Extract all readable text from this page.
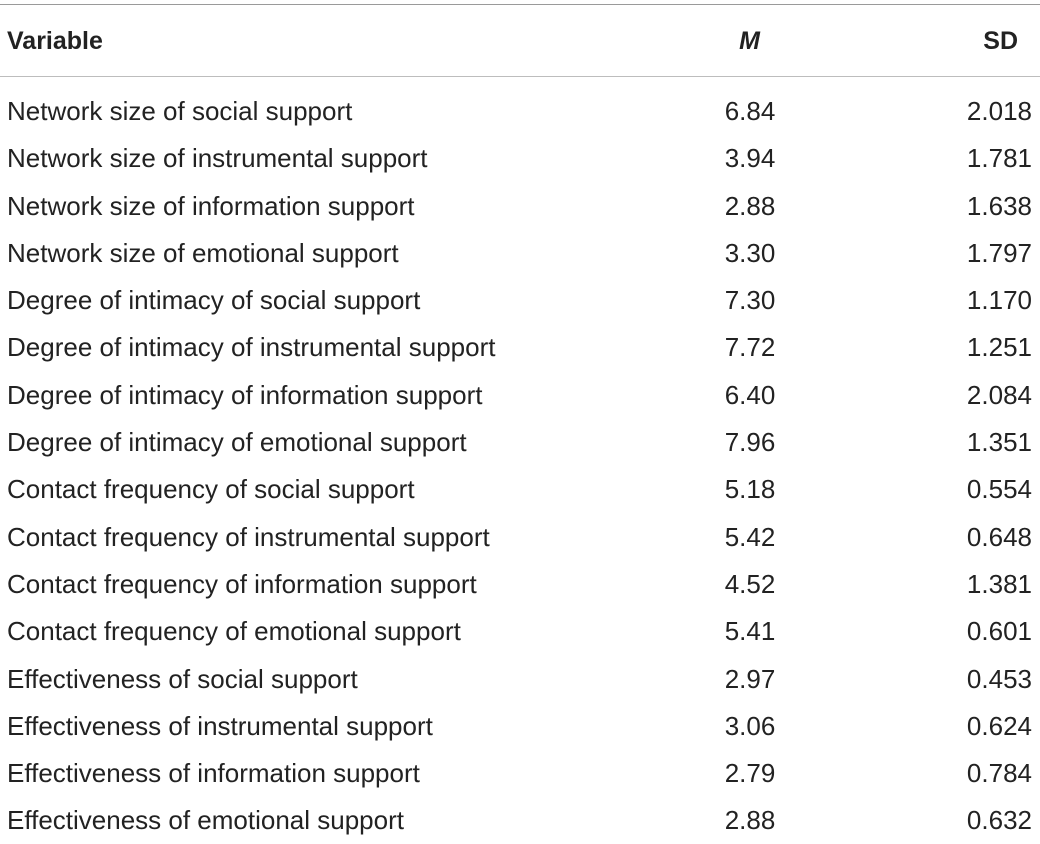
Variable	M	SD
Network size of social support	6.84	2.018
Network size of instrumental support	3.94	1.781
Network size of information support	2.88	1.638
Network size of emotional support	3.30	1.797
Degree of intimacy of social support	7.30	1.170
Degree of intimacy of instrumental support	7.72	1.251
Degree of intimacy of information support	6.40	2.084
Degree of intimacy of emotional support	7.96	1.351
Contact frequency of social support	5.18	0.554
Contact frequency of instrumental support	5.42	0.648
Contact frequency of information support	4.52	1.381
Contact frequency of emotional support	5.41	0.601
Effectiveness of social support	2.97	0.453
Effectiveness of instrumental support	3.06	0.624
Effectiveness of information support	2.79	0.784
Effectiveness of emotional support	2.88	0.632
